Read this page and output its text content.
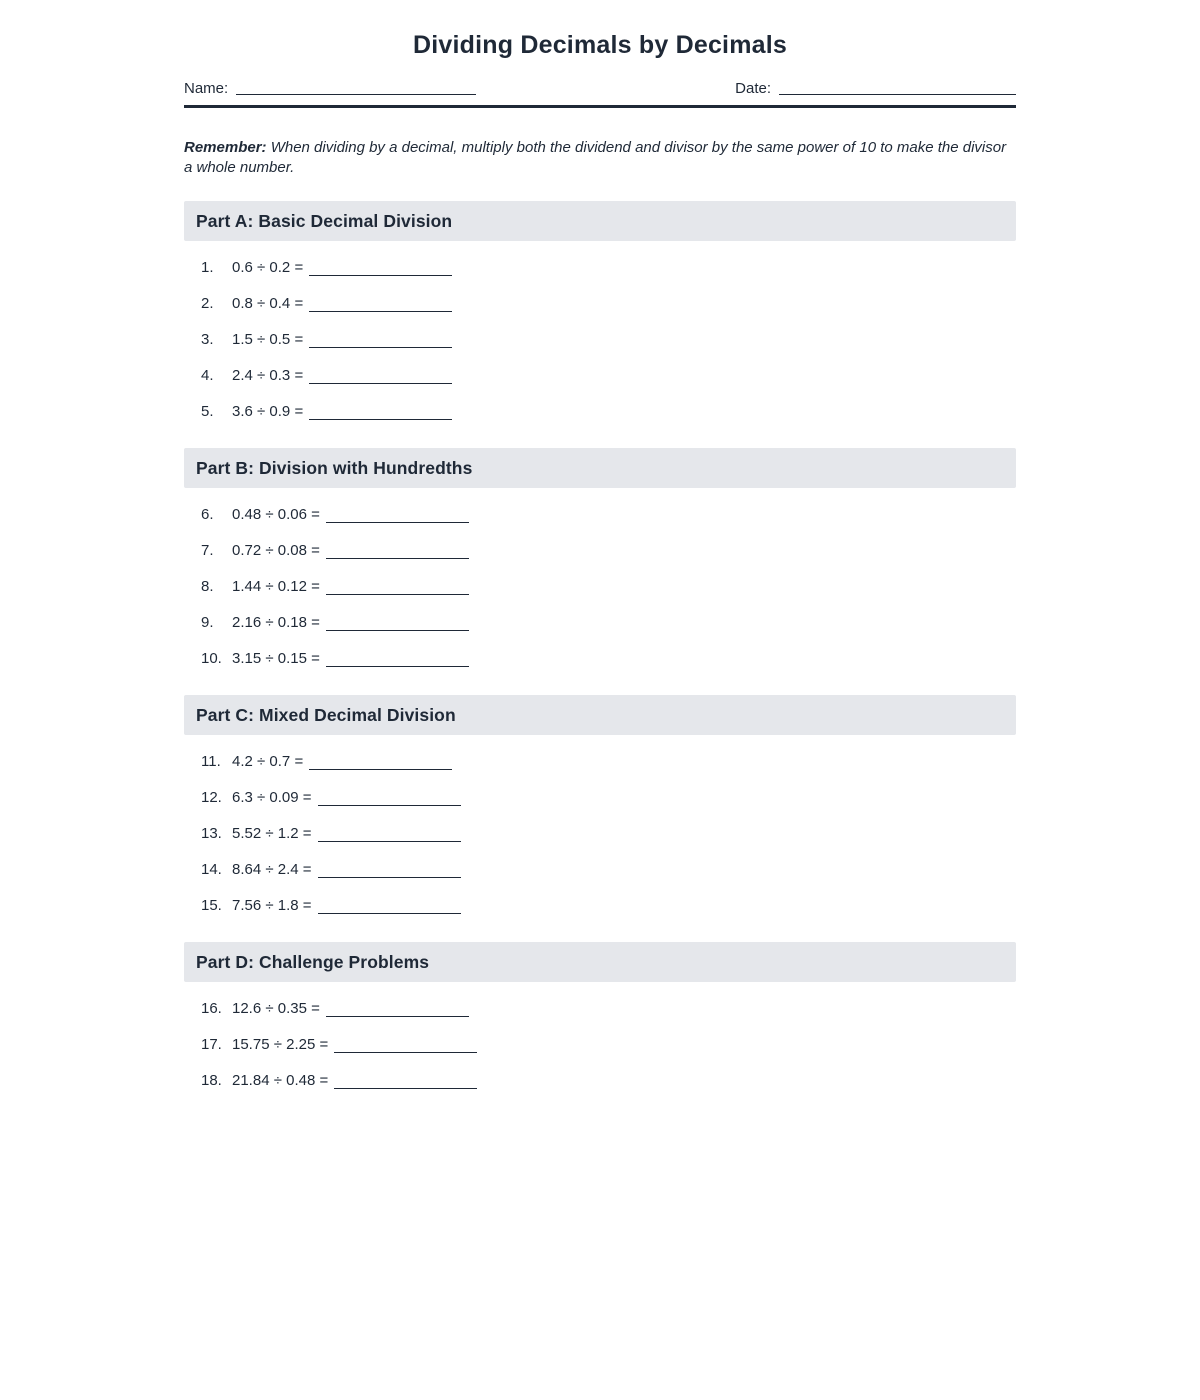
Dividing Decimals by Decimals
Name:	Date:

Remember: When dividing by a decimal, multiply both the dividend and divisor by the same power of 10 to make the divisor a whole number.

Part A: Basic Decimal Division
1. 0.6 ÷ 0.2 =
2. 0.8 ÷ 0.4 =
3. 1.5 ÷ 0.5 =
4. 2.4 ÷ 0.3 =
5. 3.6 ÷ 0.9 =
Part B: Division with Hundredths
6. 0.48 ÷ 0.06 =
7. 0.72 ÷ 0.08 =
8. 1.44 ÷ 0.12 =
9. 2.16 ÷ 0.18 =
10. 3.15 ÷ 0.15 =
Part C: Mixed Decimal Division
11. 4.2 ÷ 0.7 =
12. 6.3 ÷ 0.09 =
13. 5.52 ÷ 1.2 =
14. 8.64 ÷ 2.4 =
15. 7.56 ÷ 1.8 =
Part D: Challenge Problems
16. 12.6 ÷ 0.35 =
17. 15.75 ÷ 2.25 =
18. 21.84 ÷ 0.48 =
